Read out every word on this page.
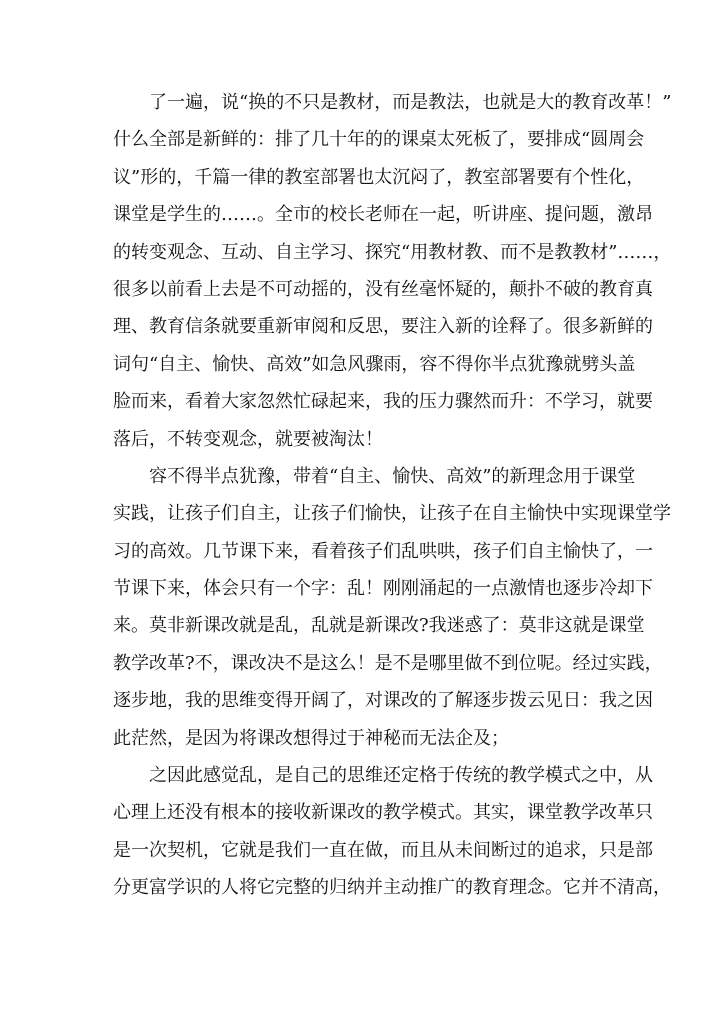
了一遍，说“换的不只是教材，而是教法，也就是大的教育改革！”
什么全部是新鲜的：排了几十年的的课桌太死板了，要排成“圆周会
议”形的，千篇一律的教室部署也太沉闷了，教室部署要有个性化，
课堂是学生的……。全市的校长老师在一起，听讲座、提问题，激昂
的转变观念、互动、自主学习、探究“用教材教、而不是教教材”……，
很多以前看上去是不可动摇的，没有丝毫怀疑的，颠扑不破的教育真
理、教育信条就要重新审阅和反思，要注入新的诠释了。很多新鲜的
词句“自主、愉快、高效”如急风骤雨，容不得你半点犹豫就劈头盖
脸而来，看着大家忽然忙碌起来，我的压力骤然而升：不学习，就要
落后，不转变观念，就要被淘汰！
容不得半点犹豫，带着“自主、愉快、高效”的新理念用于课堂
实践，让孩子们自主，让孩子们愉快，让孩子在自主愉快中实现课堂学
习的高效。几节课下来，看着孩子们乱哄哄，孩子们自主愉快了，一
节课下来，体会只有一个字：乱！刚刚涌起的一点激情也逐步冷却下
来。莫非新课改就是乱，乱就是新课改?我迷惑了：莫非这就是课堂
教学改革?不，课改决不是这么！是不是哪里做不到位呢。经过实践，
逐步地，我的思维变得开阔了，对课改的了解逐步拨云见日：我之因
此茫然，是因为将课改想得过于神秘而无法企及；
之因此感觉乱，是自己的思维还定格于传统的教学模式之中，从
心理上还没有根本的接收新课改的教学模式。其实，课堂教学改革只
是一次契机，它就是我们一直在做，而且从未间断过的追求，只是部
分更富学识的人将它完整的归纳并主动推广的教育理念。它并不清高，
